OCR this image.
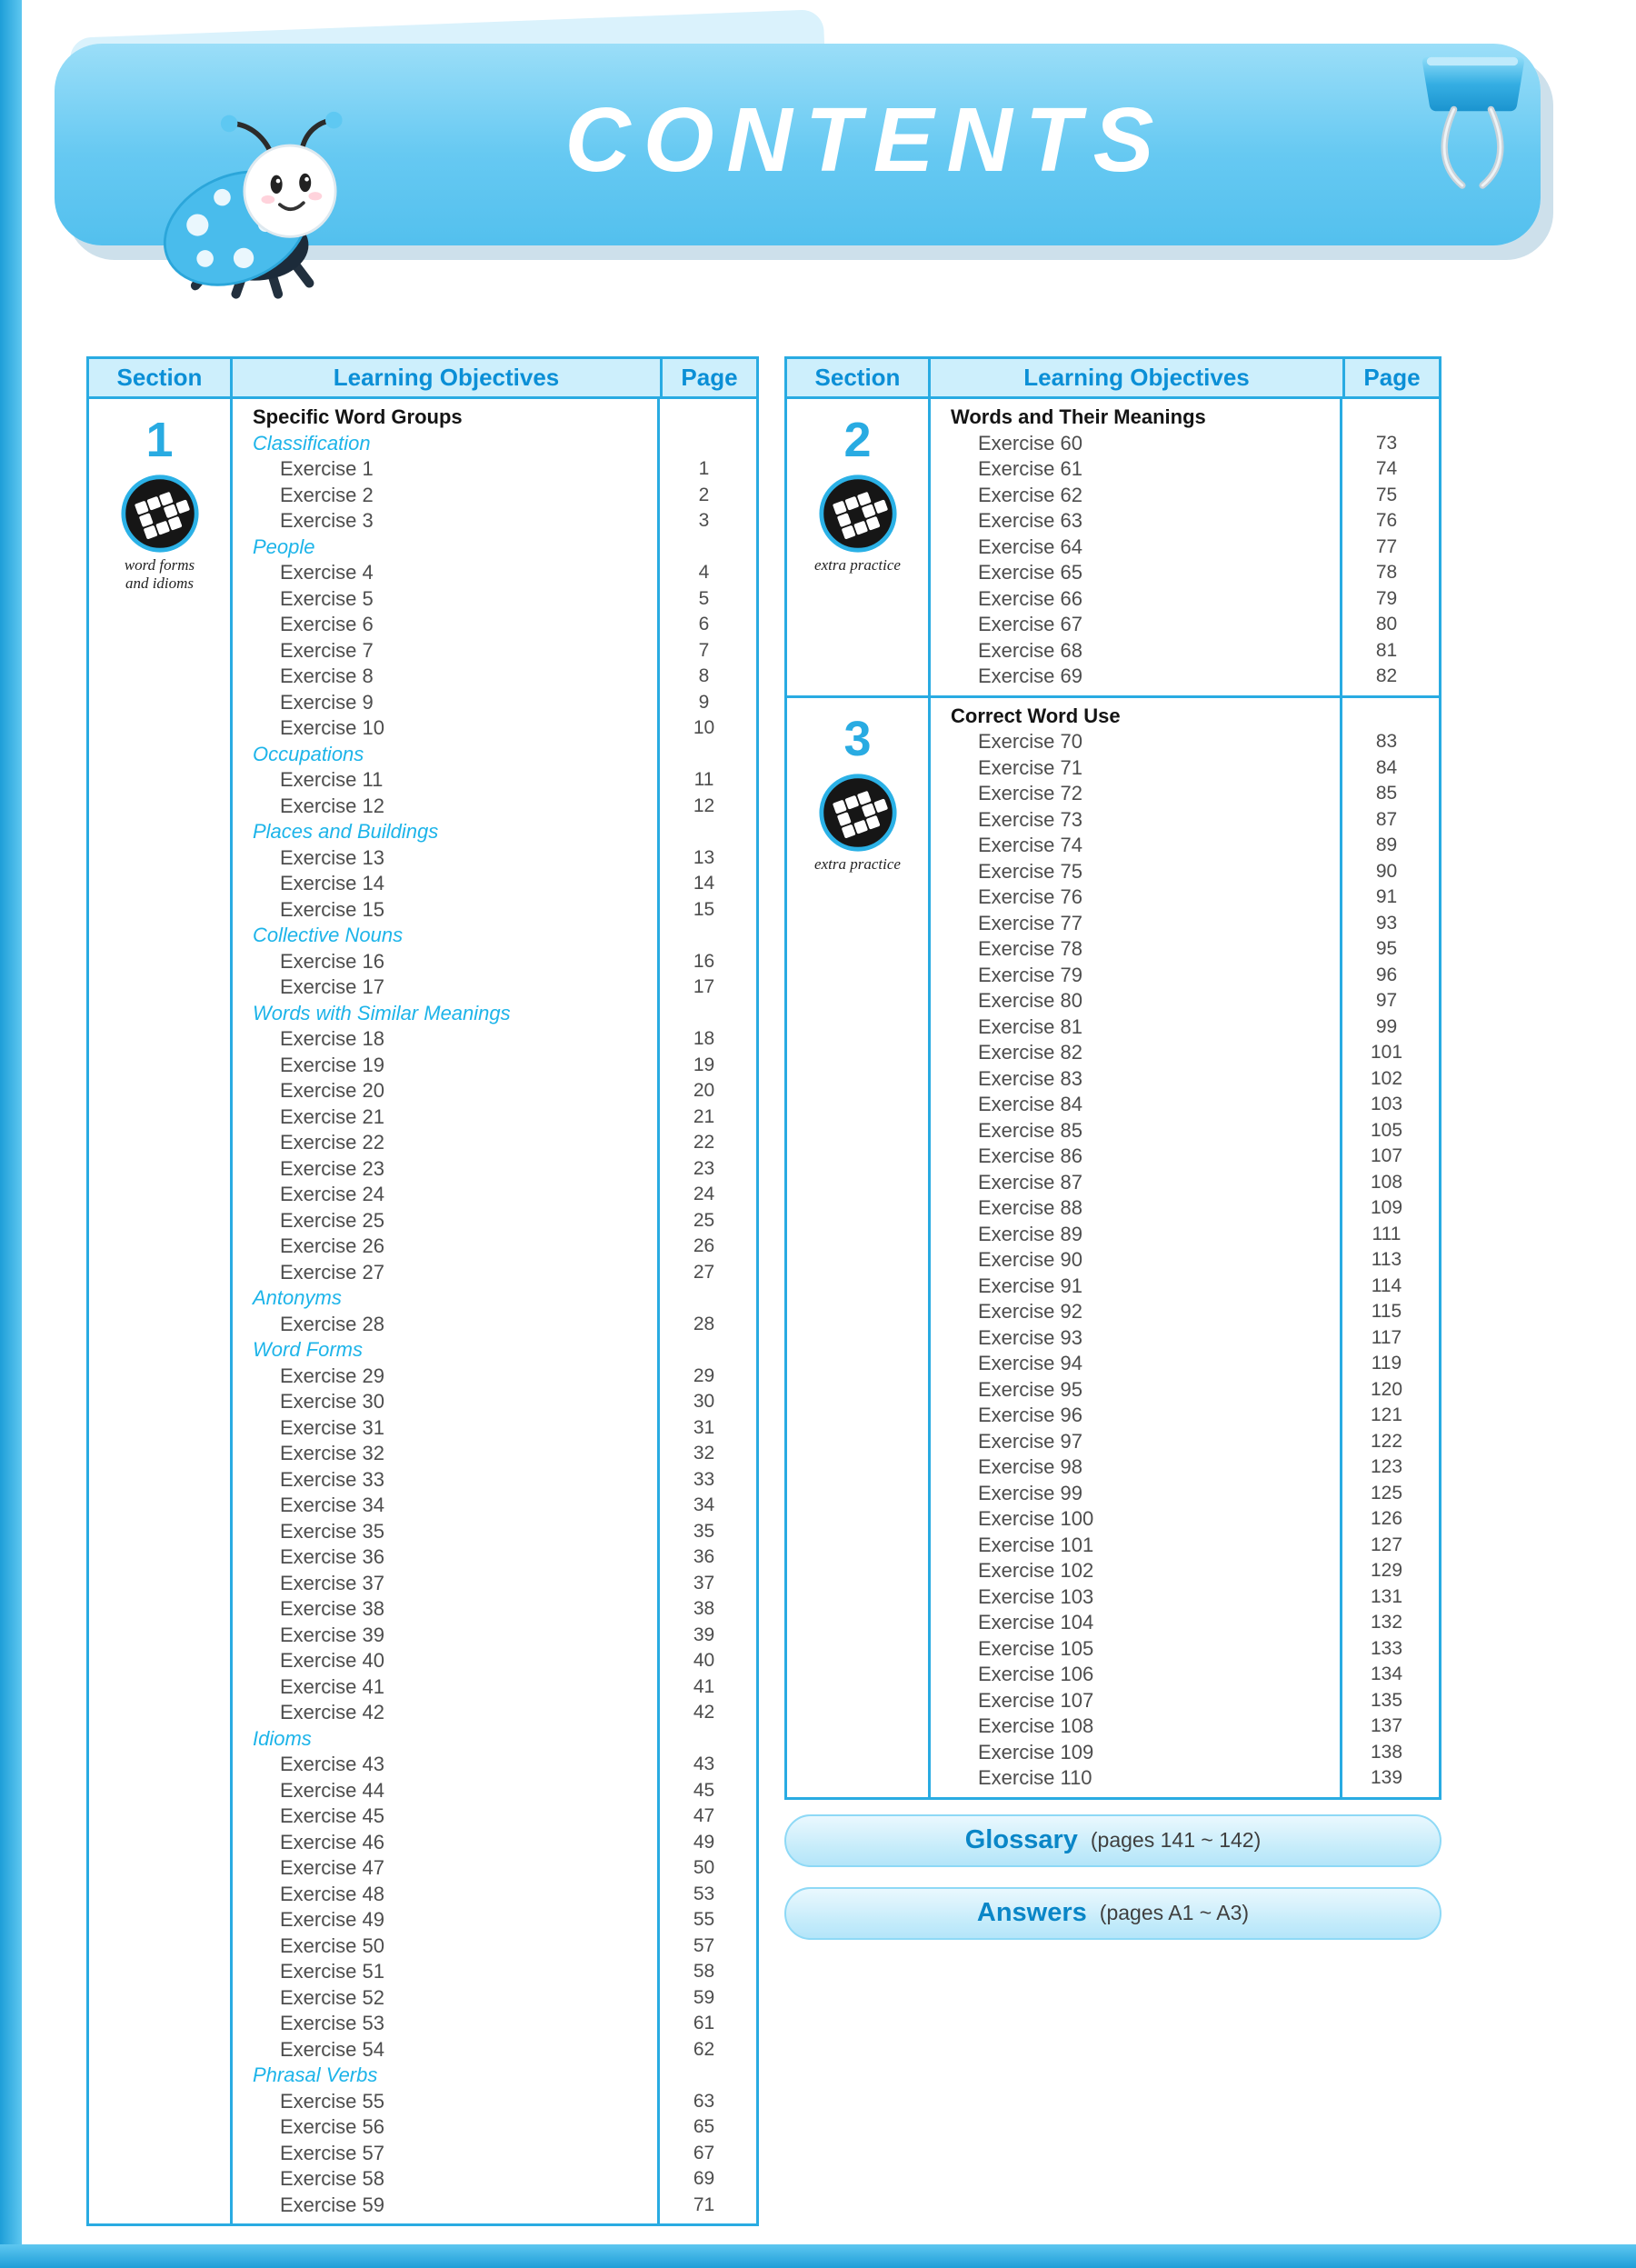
CONTENTS
Section	Learning Objectives	Page
1
word forms
and idioms
Specific Word Groups
Classification
Exercise 1	1
Exercise 2	2
Exercise 3	3
People
Exercise 4	4
Exercise 5	5
Exercise 6	6
Exercise 7	7
Exercise 8	8
Exercise 9	9
Exercise 10	10
Occupations
Exercise 11	11
Exercise 12	12
Places and Buildings
Exercise 13	13
Exercise 14	14
Exercise 15	15
Collective Nouns
Exercise 16	16
Exercise 17	17
Words with Similar Meanings
Exercise 18	18
Exercise 19	19
Exercise 20	20
Exercise 21	21
Exercise 22	22
Exercise 23	23
Exercise 24	24
Exercise 25	25
Exercise 26	26
Exercise 27	27
Antonyms
Exercise 28	28
Word Forms
Exercise 29	29
Exercise 30	30
Exercise 31	31
Exercise 32	32
Exercise 33	33
Exercise 34	34
Exercise 35	35
Exercise 36	36
Exercise 37	37
Exercise 38	38
Exercise 39	39
Exercise 40	40
Exercise 41	41
Exercise 42	42
Idioms
Exercise 43	43
Exercise 44	45
Exercise 45	47
Exercise 46	49
Exercise 47	50
Exercise 48	53
Exercise 49	55
Exercise 50	57
Exercise 51	58
Exercise 52	59
Exercise 53	61
Exercise 54	62
Phrasal Verbs
Exercise 55	63
Exercise 56	65
Exercise 57	67
Exercise 58	69
Exercise 59	71
Section	Learning Objectives	Page
2
extra practice
Words and Their Meanings
Exercise 60	73
Exercise 61	74
Exercise 62	75
Exercise 63	76
Exercise 64	77
Exercise 65	78
Exercise 66	79
Exercise 67	80
Exercise 68	81
Exercise 69	82
3
extra practice
Correct Word Use
Exercise 70	83
Exercise 71	84
Exercise 72	85
Exercise 73	87
Exercise 74	89
Exercise 75	90
Exercise 76	91
Exercise 77	93
Exercise 78	95
Exercise 79	96
Exercise 80	97
Exercise 81	99
Exercise 82	101
Exercise 83	102
Exercise 84	103
Exercise 85	105
Exercise 86	107
Exercise 87	108
Exercise 88	109
Exercise 89	111
Exercise 90	113
Exercise 91	114
Exercise 92	115
Exercise 93	117
Exercise 94	119
Exercise 95	120
Exercise 96	121
Exercise 97	122
Exercise 98	123
Exercise 99	125
Exercise 100	126
Exercise 101	127
Exercise 102	129
Exercise 103	131
Exercise 104	132
Exercise 105	133
Exercise 106	134
Exercise 107	135
Exercise 108	137
Exercise 109	138
Exercise 110	139
Glossary (pages 141 ~ 142)
Answers (pages A1 ~ A3)
